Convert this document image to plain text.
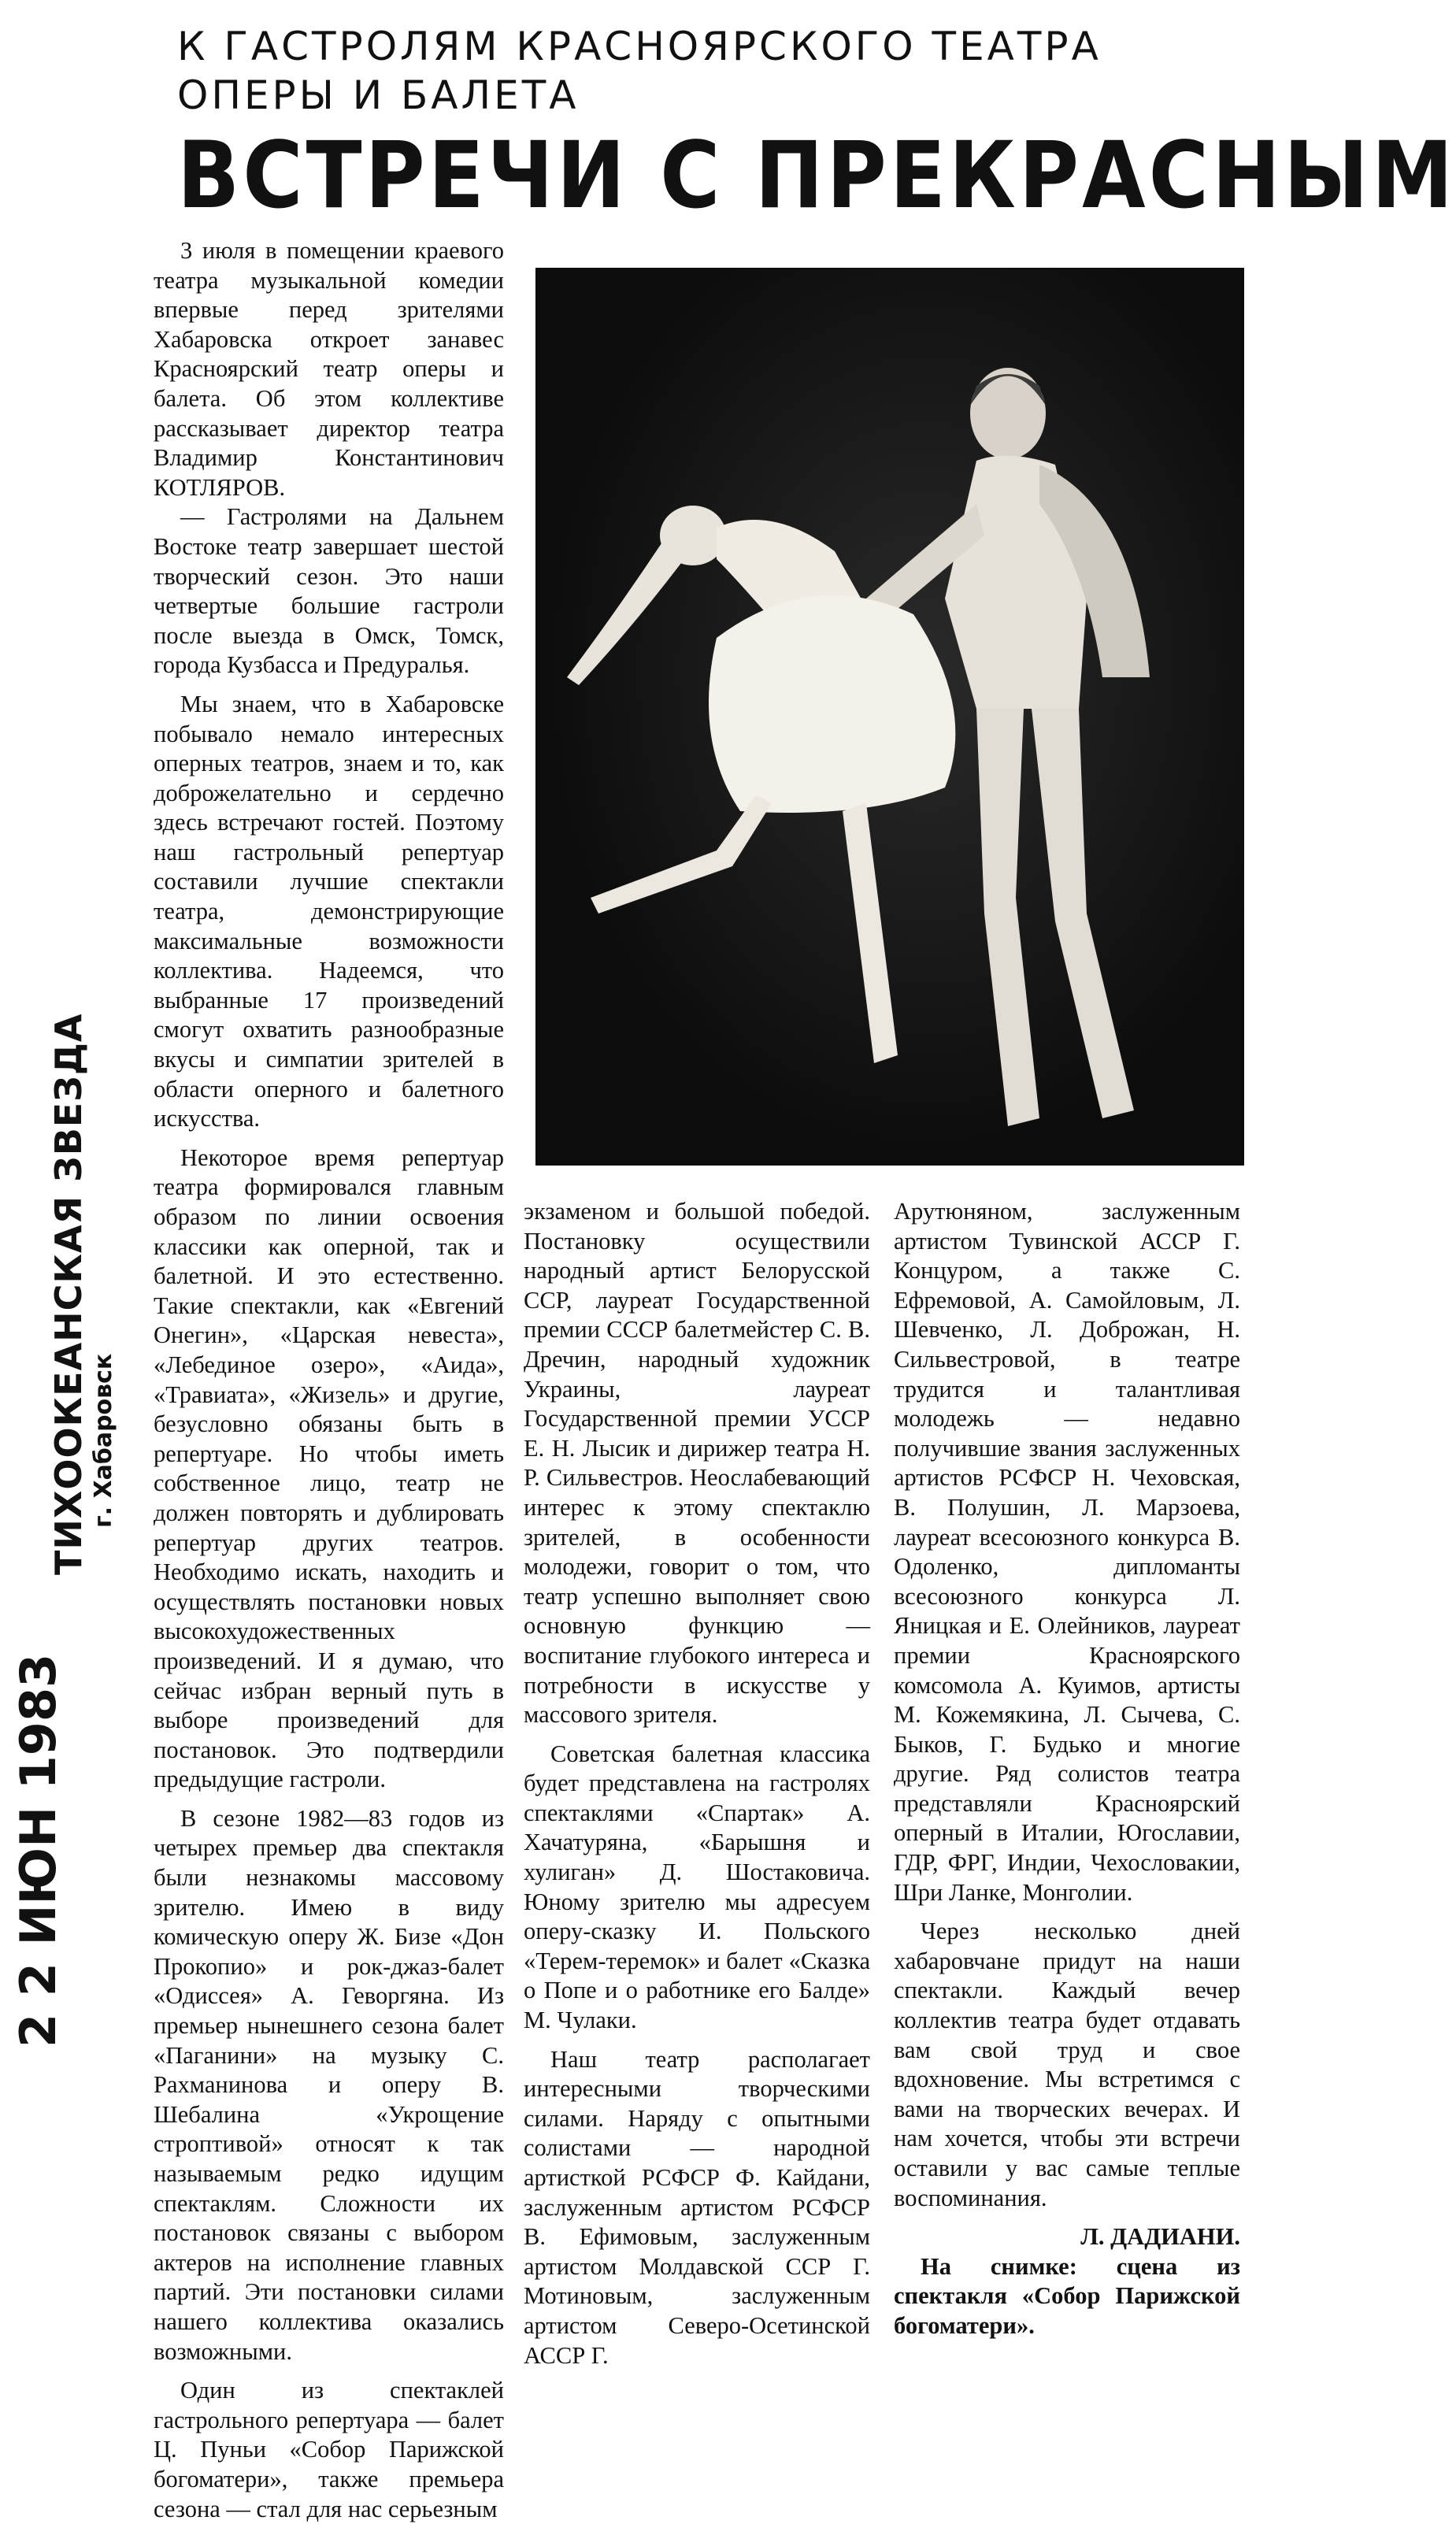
К ГАСТРОЛЯМ КРАСНОЯРСКОГО ТЕАТРА
ОПЕРЫ И БАЛЕТА
ВСТРЕЧИ С ПРЕКРАСНЫМ

3 июля в помещении краевого театра музыкальной комедии впервые перед зрителями Хабаровска откроет занавес Красноярский театр оперы и балета. Об этом коллективе рассказывает директор театра Владимир Константинович КОТЛЯРОВ.

— Гастролями на Дальнем Востоке театр завершает шестой творческий сезон. Это наши четвертые большие гастроли после выезда в Омск, Томск, города Кузбасса и Предуралья.

Мы знаем, что в Хабаровске побывало немало интересных оперных театров, знаем и то, как доброжелательно и сердечно здесь встречают гостей. Поэтому наш гастрольный репертуар составили лучшие спектакли театра, демонстрирующие максимальные возможности коллектива. Надеемся, что выбранные 17 произведений смогут охватить разнообразные вкусы и симпатии зрителей в области оперного и балетного искусства.

Некоторое время репертуар театра формировался главным образом по линии освоения классики как оперной, так и балетной. И это естественно. Такие спектакли, как «Евгений Онегин», «Царская невеста», «Лебединое озеро», «Аида», «Травиата», «Жизель» и другие, безусловно обязаны быть в репертуаре. Но чтобы иметь собственное лицо, театр не должен повторять и дублировать репертуар других театров. Необходимо искать, находить и осуществлять постановки новых высокохудожественных произведений. И я думаю, что сейчас избран верный путь в выборе произведений для постановок. Это подтвердили предыдущие гастроли.

В сезоне 1982—83 годов из четырех премьер два спектакля были незнакомы массовому зрителю. Имею в виду комическую оперу Ж. Бизе «Дон Прокопио» и рок-джаз-балет «Одиссея» А. Геворгяна. Из премьер нынешнего сезона балет «Паганини» на музыку С. Рахманинова и оперу В. Шебалина «Укрощение строптивой» относят к так называемым редко идущим спектаклям. Сложности их постановок связаны с выбором актеров на исполнение главных партий. Эти постановки силами нашего коллектива оказались возможными.

Один из спектаклей гастрольного репертуара — балет Ц. Пуньи «Собор Парижской богоматери», также премьера сезона — стал для нас серьезным

экзаменом и большой победой. Постановку осуществили народный артист Белорусской ССР, лауреат Государственной премии СССР балетмейстер С. В. Дречин, народный художник Украины, лауреат Государственной премии УССР Е. Н. Лысик и дирижер театра Н. Р. Сильвестров. Неослабевающий интерес к этому спектаклю зрителей, в особенности молодежи, говорит о том, что театр успешно выполняет свою основную функцию — воспитание глубокого интереса и потребности в искусстве у массового зрителя.

Советская балетная классика будет представлена на гастролях спектаклями «Спартак» А. Хачатуряна, «Барышня и хулиган» Д. Шостаковича. Юному зрителю мы адресуем оперу-сказку И. Польского «Терем-теремок» и балет «Сказка о Попе и о работнике его Балде» М. Чулаки.

Наш театр располагает интересными творческими силами. Наряду с опытными солистами — народной артисткой РСФСР Ф. Кайдани, заслуженным артистом РСФСР В. Ефимовым, заслуженным артистом Молдавской ССР Г. Мотиновым, заслуженным артистом Северо-Осетинской АССР Г.

Арутюняном, заслуженным артистом Тувинской АССР Г. Концуром, а также С. Ефремовой, А. Самойловым, Л. Шевченко, Л. Доброжан, Н. Сильвестровой, в театре трудится и талантливая молодежь — недавно получившие звания заслуженных артистов РСФСР Н. Чеховская, В. Полушин, Л. Марзоева, лауреат всесоюзного конкурса В. Одоленко, дипломанты всесоюзного конкурса Л. Яницкая и Е. Олейников, лауреат премии Красноярского комсомола А. Куимов, артисты М. Кожемякина, Л. Сычева, С. Быков, Г. Будько и многие другие. Ряд солистов театра представляли Красноярский оперный в Италии, Югославии, ГДР, ФРГ, Индии, Чехословакии, Шри Ланке, Монголии.

Через несколько дней хабаровчане придут на наши спектакли. Каждый вечер коллектив театра будет отдавать вам свой труд и свое вдохновение. Мы встретимся с вами на творческих вечерах. И нам хочется, чтобы эти встречи оставили у вас самые теплые воспоминания.

Л. ДАДИАНИ.

На снимке: сцена из спектакля «Собор Парижской богоматери».

ТИХООКЕАНСКАЯ ЗВЕЗДА г. Хабаровск
2 2 ИЮН 1983
